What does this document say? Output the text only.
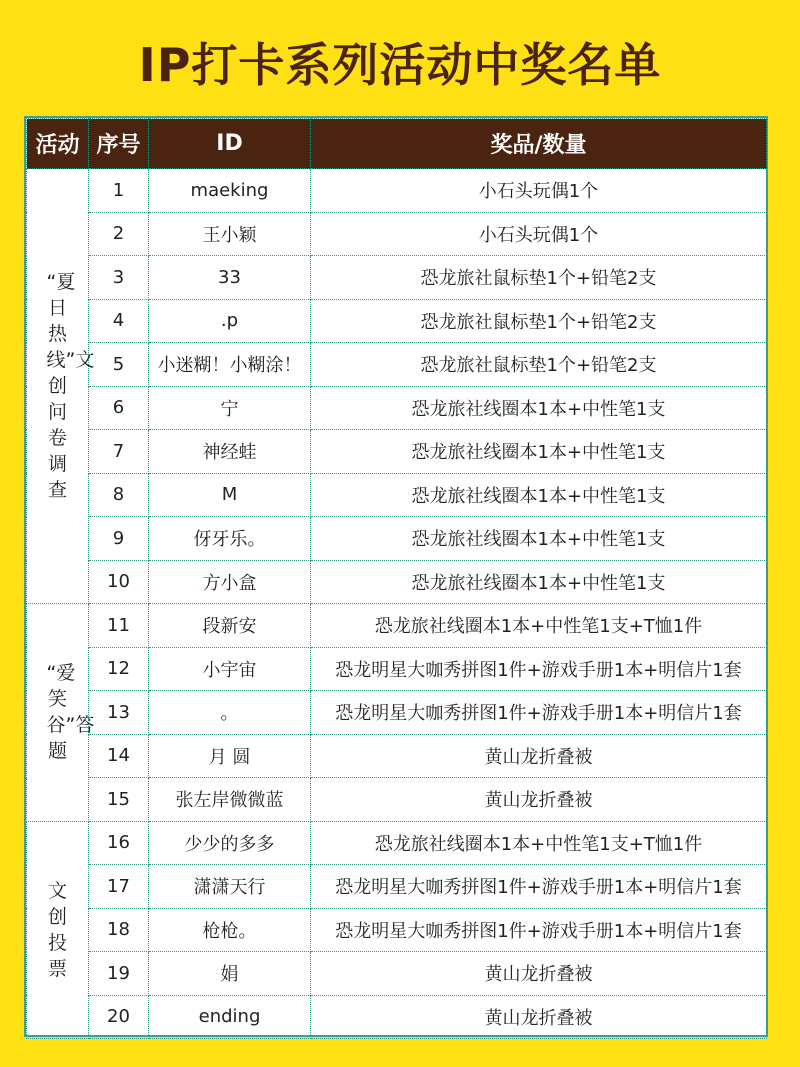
IP打卡系列活动中奖名单
活动	序号	ID	奖品/数量

“夏日热线”文创问卷调查	1	maeking	小石头玩偶1个
	2	王小颖	小石头玩偶1个
	3	33	恐龙旅社鼠标垫1个+铅笔2支
	4	.p	恐龙旅社鼠标垫1个+铅笔2支
	5	小迷糊！小糊涂！	恐龙旅社鼠标垫1个+铅笔2支
	6	宁	恐龙旅社线圈本1本+中性笔1支
	7	神经蛙	恐龙旅社线圈本1本+中性笔1支
	8	M	恐龙旅社线圈本1本+中性笔1支
	9	伢牙乐。	恐龙旅社线圈本1本+中性笔1支
	10	方小盒	恐龙旅社线圈本1本+中性笔1支

“爱笑谷”答题	11	段新安	恐龙旅社线圈本1本+中性笔1支+T恤1件
	12	小宇宙	恐龙明星大咖秀拼图1件+游戏手册1本+明信片1套
	13	。	恐龙明星大咖秀拼图1件+游戏手册1本+明信片1套
	14	月 圆	黄山龙折叠被
	15	张左岸微微蓝	黄山龙折叠被

文创投票	16	少少的多多	恐龙旅社线圈本1本+中性笔1支+T恤1件
	17	潇潇天行	恐龙明星大咖秀拼图1件+游戏手册1本+明信片1套
	18	枪枪。	恐龙明星大咖秀拼图1件+游戏手册1本+明信片1套
	19	娟	黄山龙折叠被
	20	ending	黄山龙折叠被
